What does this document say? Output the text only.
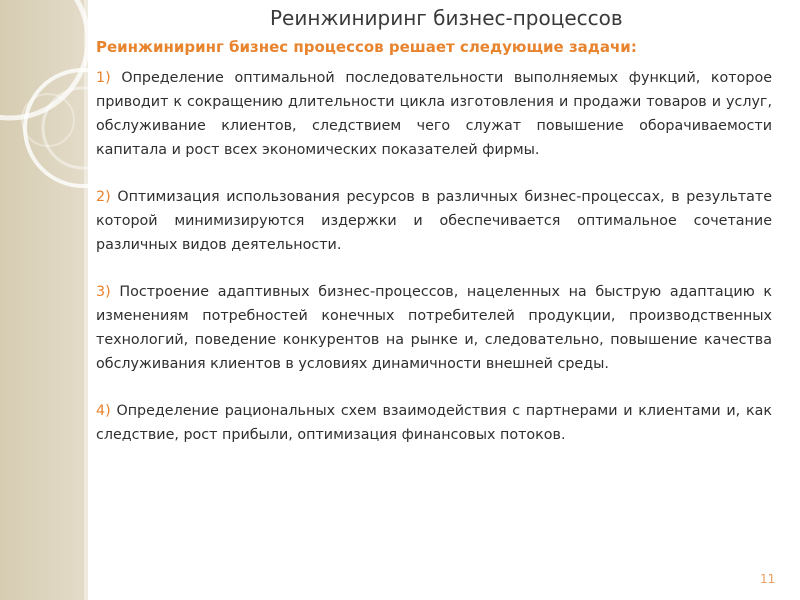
Реинжиниринг бизнес-процессов
Реинжиниринг бизнес процессов решает следующие задачи:

1) Определение оптимальной последовательности выполняемых функций, которое приводит к сокращению длительности цикла изготовления и продажи товаров и услуг, обслуживание клиентов, следствием чего служат повышение оборачиваемости капитала и рост всех экономических показателей фирмы.

2) Оптимизация использования ресурсов в различных бизнес-процессах, в результате которой минимизируются издержки и обеспечивается оптимальное сочетание различных видов деятельности.

3) Построение адаптивных бизнес-процессов, нацеленных на быструю адаптацию к изменениям потребностей конечных потребителей продукции, производственных технологий, поведение конкурентов на рынке и, следовательно, повышение качества обслуживания клиентов в условиях динамичности внешней среды.

4) Определение рациональных схем взаимодействия с партнерами и клиентами и, как следствие, рост прибыли, оптимизация финансовых потоков.

11
